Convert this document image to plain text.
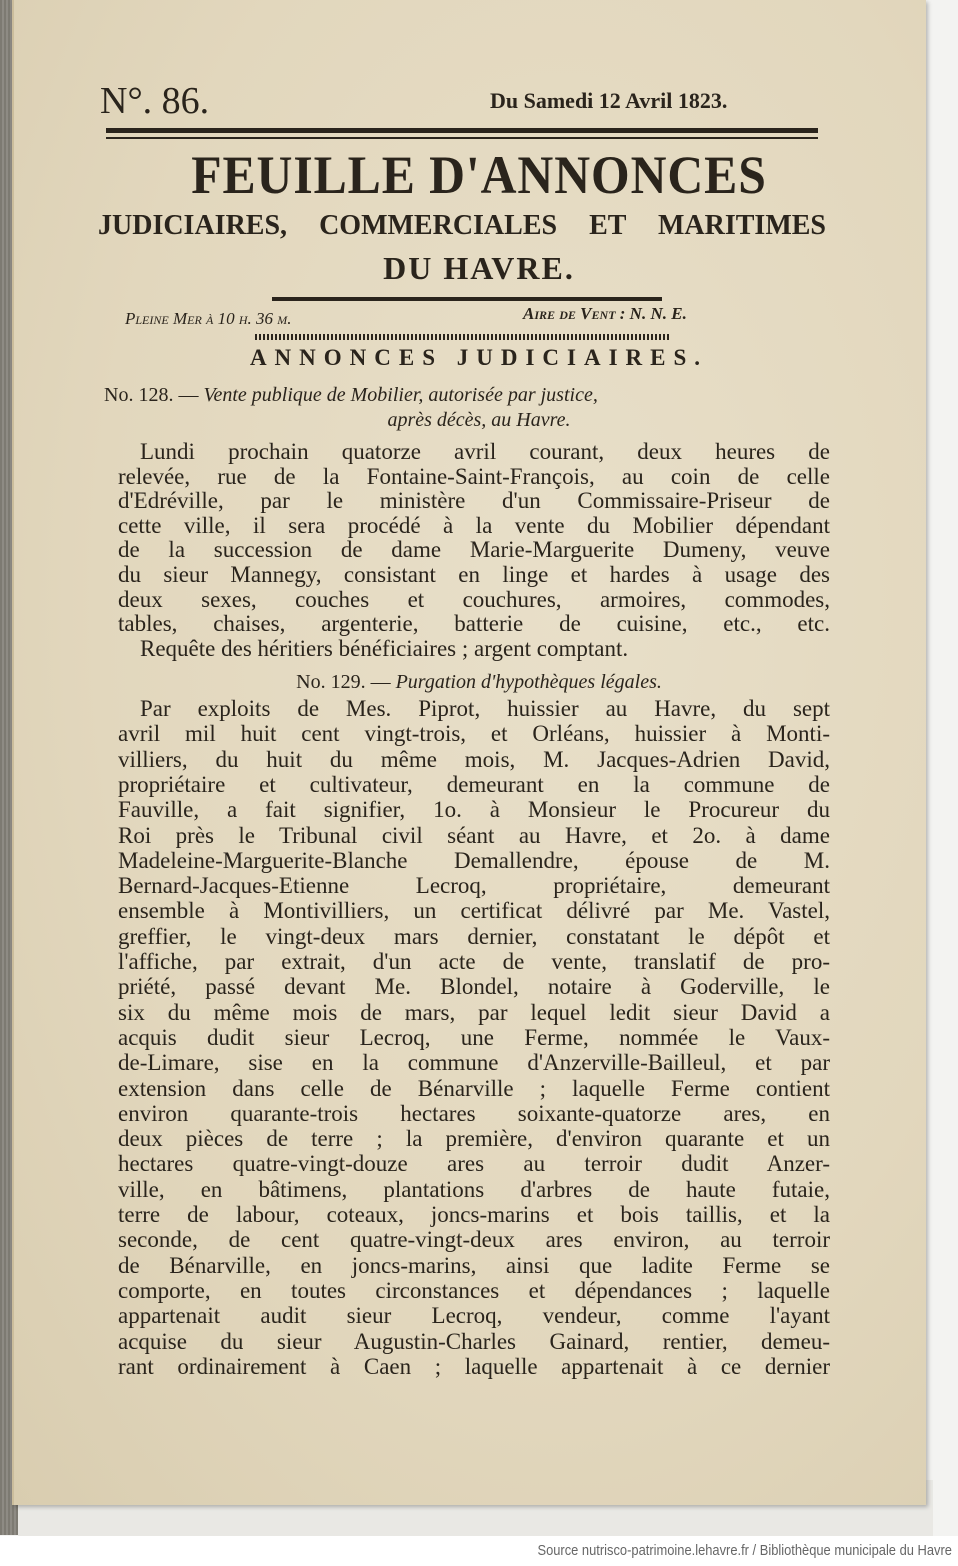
N°. 86.	Du Samedi 12 Avril 1823.
FEUILLE D'ANNONCES
JUDICIAIRES, COMMERCIALES ET MARITIMES
DU HAVRE.
Pleine Mer à 10 h. 36 m.	Aire de Vent : N. N. E.
ANNONCES JUDICIAIRES.
No. 128. — Vente publique de Mobilier, autorisée par justice,
après décès, au Havre.
No. 129. — Purgation d'hypothèques légales.
Lundi prochain quatorze avril courant, deux heures de
relevée, rue de la Fontaine-Saint-François, au coin de celle
d'Edréville, par le ministère d'un Commissaire-Priseur de
cette ville, il sera procédé à la vente du Mobilier dépendant
de la succession de dame Marie-Marguerite Dumeny, veuve
du sieur Mannegy, consistant en linge et hardes à usage des
deux sexes, couches et couchures, armoires, commodes,
tables, chaises, argenterie, batterie de cuisine, etc., etc.
Requête des héritiers bénéficiaires ; argent comptant.
Par exploits de Mes. Piprot, huissier au Havre, du sept
avril mil huit cent vingt-trois, et Orléans, huissier à Monti-
villiers, du huit du même mois, M. Jacques-Adrien David,
propriétaire et cultivateur, demeurant en la commune de
Fauville, a fait signifier, 1o. à Monsieur le Procureur du
Roi près le Tribunal civil séant au Havre, et 2o. à dame
Madeleine-Marguerite-Blanche Demallendre, épouse de M.
Bernard-Jacques-Etienne Lecroq, propriétaire, demeurant
ensemble à Montivilliers, un certificat délivré par Me. Vastel,
greffier, le vingt-deux mars dernier, constatant le dépôt et
l'affiche, par extrait, d'un acte de vente, translatif de pro-
priété, passé devant Me. Blondel, notaire à Goderville, le
six du même mois de mars, par lequel ledit sieur David a
acquis dudit sieur Lecroq, une Ferme, nommée le Vaux-
de-Limare, sise en la commune d'Anzerville-Bailleul, et par
extension dans celle de Bénarville ; laquelle Ferme contient
environ quarante-trois hectares soixante-quatorze ares, en
deux pièces de terre ; la première, d'environ quarante et un
hectares quatre-vingt-douze ares au terroir dudit Anzer-
ville, en bâtimens, plantations d'arbres de haute futaie,
terre de labour, coteaux, joncs-marins et bois taillis, et la
seconde, de cent quatre-vingt-deux ares environ, au terroir
de Bénarville, en joncs-marins, ainsi que ladite Ferme se
comporte, en toutes circonstances et dépendances ; laquelle
appartenait audit sieur Lecroq, vendeur, comme l'ayant
acquise du sieur Augustin-Charles Gainard, rentier, demeu-
rant ordinairement à Caen ; laquelle appartenait à ce dernier
Source nutrisco-patrimoine.lehavre.fr / Bibliothèque municipale du Havre
